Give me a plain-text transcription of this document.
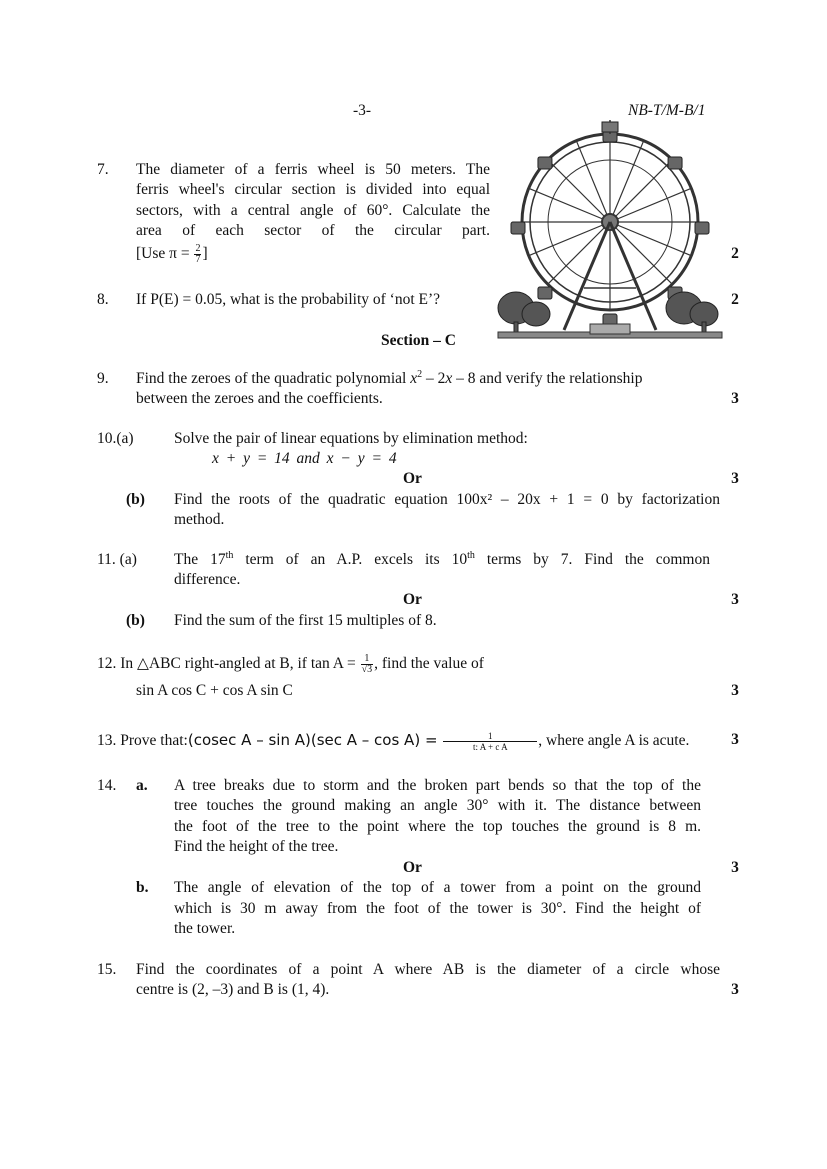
-3-	NB-T/M-B/1
7. The diameter of a ferris wheel is 50 meters. The
ferris wheel's circular section is divided into equal
sectors, with a central angle of 60°. Calculate the
area of each sector of the circular part.
[Use $\pi = \frac{2}{7}$ ]	2
8. If P(E) = 0.05, what is the probability of ‘not E’?	2
Section – C
9. Find the zeroes of the quadratic polynomial $x^2 - 2x - 8$ and verify the relationship
between the zeroes and the coefficients.	3
10.(a)	Solve the pair of linear equations by elimination method:
x + y = 14 and x − y = 4
Or	3
(b) Find the roots of the quadratic equation 100x² – 20x + 1 = 0 by factorization
method.
11. (a) The 17th term of an A.P. excels its 10th terms by 7. Find the common
difference.
Or	3
(b) Find the sum of the first 15 multiples of 8.
12. In △ABC right-angled at B, if $\tan A = \frac{1}{√3}$ , find the value of
sin A cos C + cos A sin C	3
13. Prove that:(cosec A – sin A)(sec $A - \cos A) = \frac{1}{\text{t: A + c A}}$ , where angle A is acute.	3
14. a. A tree breaks due to storm and the broken part bends so that the top of the
tree touches the ground making an angle 30° with it. The distance between
the foot of the tree to the point where the top touches the ground is 8 m.
Find the height of the tree.
Or	3
b. The angle of elevation of the top of a tower from a point on the ground
which is 30 m away from the foot of the tower is 30°. Find the height of
the tower.
15. Find the coordinates of a point A where AB is the diameter of a circle whose
centre is (2, –3) and B is (1, 4).	3
